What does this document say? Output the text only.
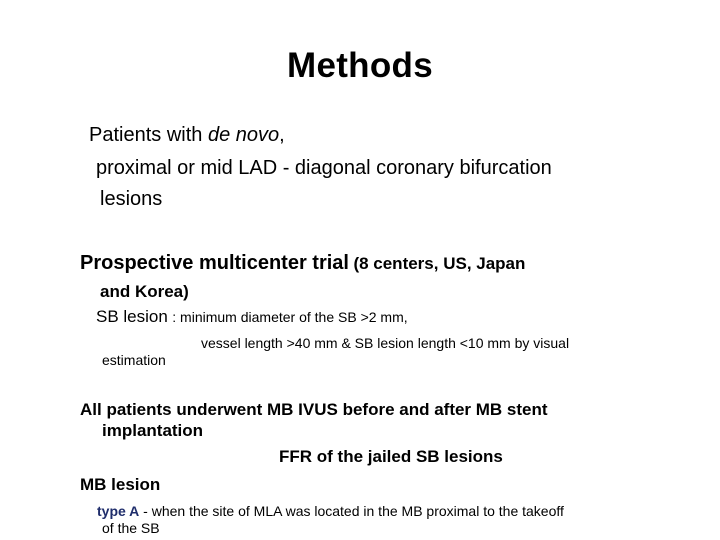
Methods
Patients with de novo,
proximal or mid LAD - diagonal coronary bifurcation
lesions
Prospective multicenter trial (8 centers, US, Japan
and Korea)
SB lesion : minimum diameter of the SB >2 mm,
vessel length >40 mm & SB lesion length <10 mm by visual
estimation
All patients underwent MB IVUS before and after MB stent
implantation
FFR of the jailed SB lesions
MB lesion
type A - when the site of MLA was located in the MB proximal to the takeoff
of the SB
